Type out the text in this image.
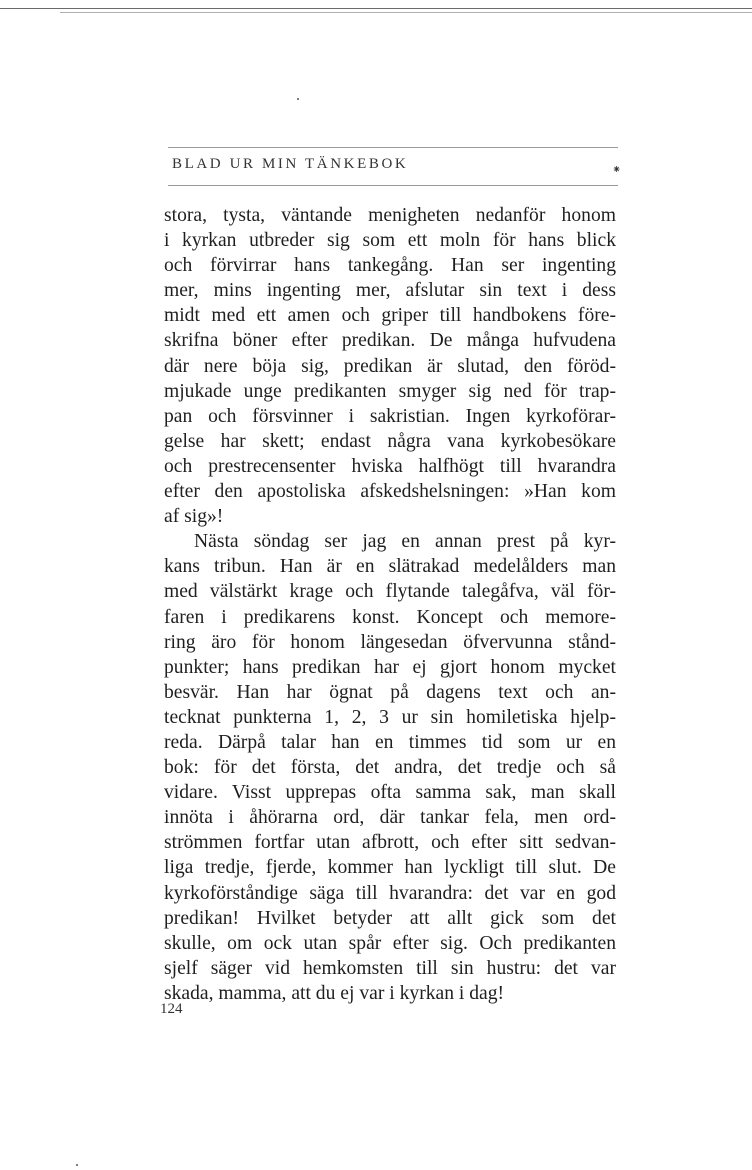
BLAD UR MIN TÄNKEBOK	⁕
stora, tysta, väntande menigheten nedanför honom
i kyrkan utbreder sig som ett moln för hans blick
och förvirrar hans tankegång. Han ser ingenting
mer, mins ingenting mer, afslutar sin text i dess
midt med ett amen och griper till handbokens före-
skrifna böner efter predikan. De många hufvudena
där nere böja sig, predikan är slutad, den föröd-
mjukade unge predikanten smyger sig ned för trap-
pan och försvinner i sakristian. Ingen kyrkoförar-
gelse har skett; endast några vana kyrkobesökare
och prestrecensenter hviska halfhögt till hvarandra
efter den apostoliska afskedshelsningen: »Han kom
af sig»!
Nästa söndag ser jag en annan prest på kyr-
kans tribun. Han är en slätrakad medelålders man
med välstärkt krage och flytande talegåfva, väl för-
faren i predikarens konst. Koncept och memore-
ring äro för honom längesedan öfvervunna stånd-
punkter; hans predikan har ej gjort honom mycket
besvär. Han har ögnat på dagens text och an-
tecknat punkterna 1, 2, 3 ur sin homiletiska hjelp-
reda. Därpå talar han en timmes tid som ur en
bok: för det första, det andra, det tredje och så
vidare. Visst upprepas ofta samma sak, man skall
innöta i åhörarna ord, där tankar fela, men ord-
strömmen fortfar utan afbrott, och efter sitt sedvan-
liga tredje, fjerde, kommer han lyckligt till slut. De
kyrkoförståndige säga till hvarandra: det var en god
predikan! Hvilket betyder att allt gick som det
skulle, om ock utan spår efter sig. Och predikanten
sjelf säger vid hemkomsten till sin hustru: det var
skada, mamma, att du ej var i kyrkan i dag!
124
